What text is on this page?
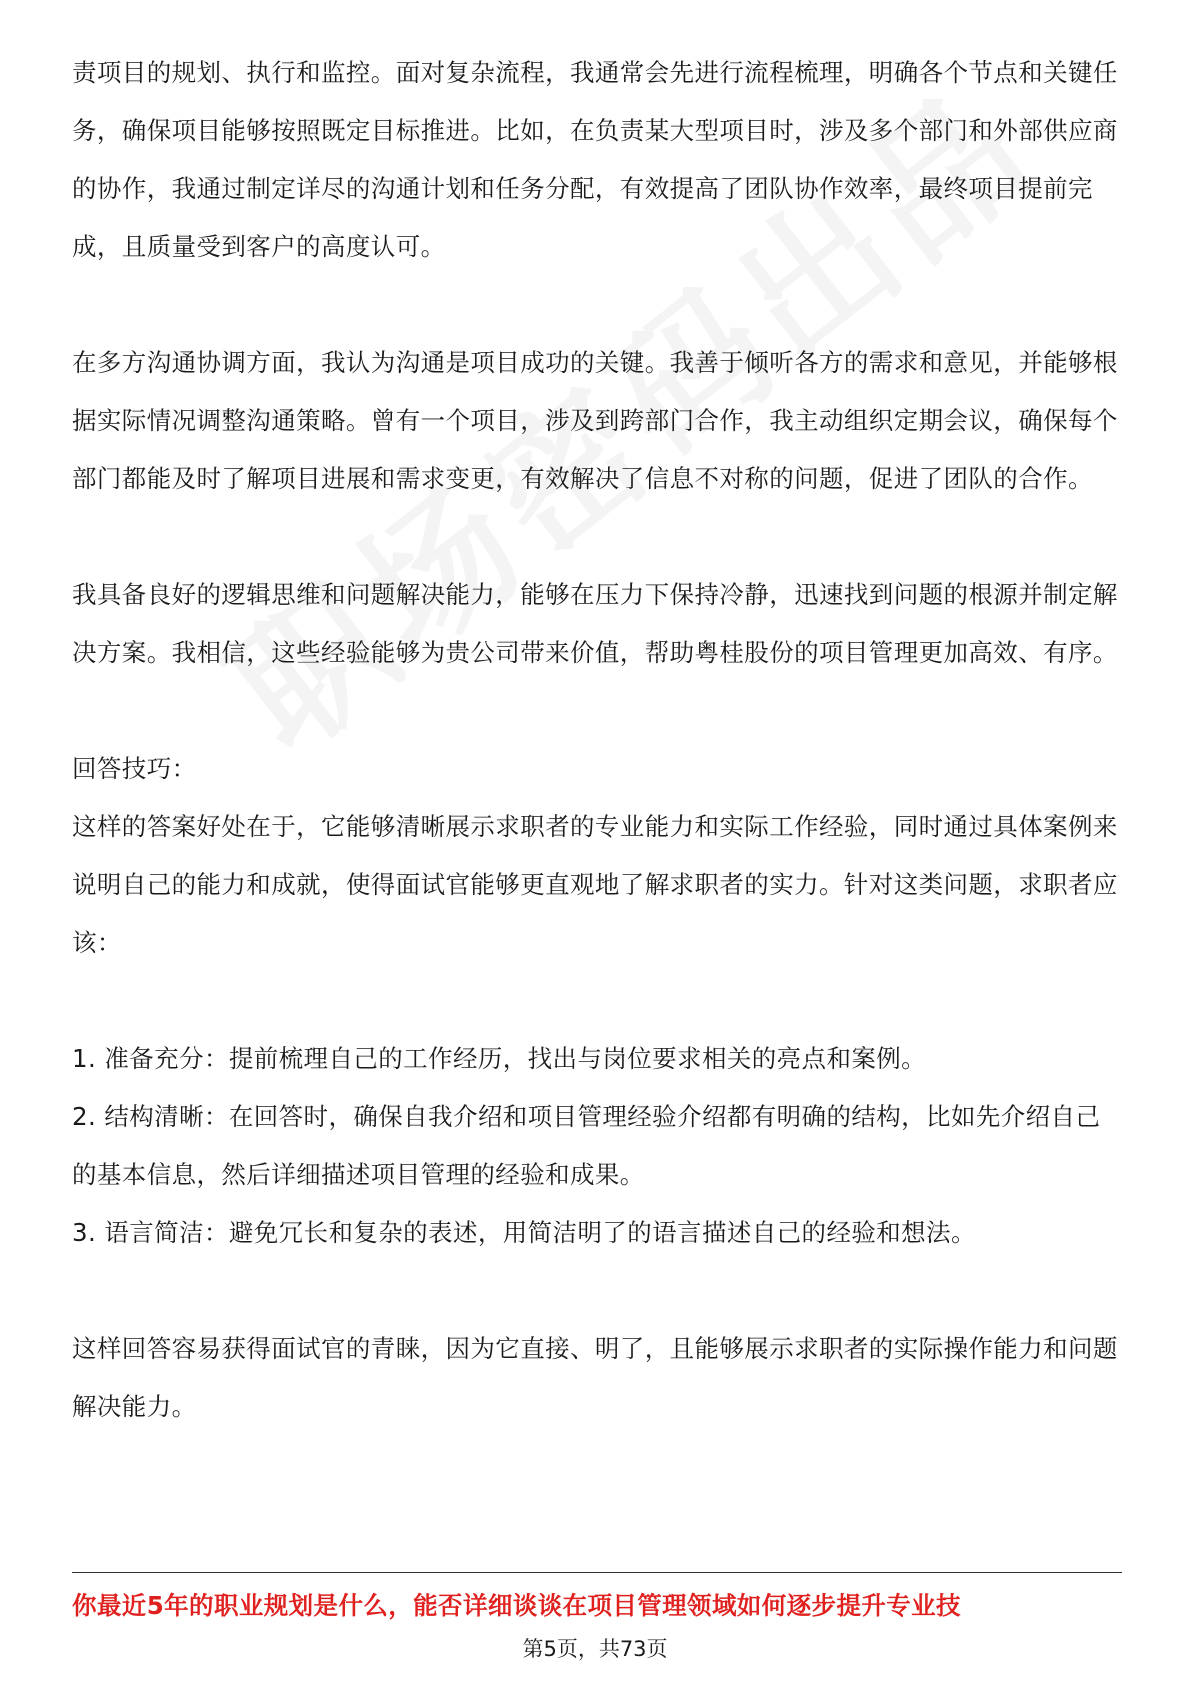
责项目的规划、执行和监控。面对复杂流程，我通常会先进行流程梳理，明确各个节点和关键任务，确保项目能够按照既定目标推进。比如，在负责某大型项目时，涉及多个部门和外部供应商的协作，我通过制定详尽的沟通计划和任务分配，有效提高了团队协作效率，最终项目提前完成，且质量受到客户的高度认可。

在多方沟通协调方面，我认为沟通是项目成功的关键。我善于倾听各方的需求和意见，并能够根据实际情况调整沟通策略。曾有一个项目，涉及到跨部门合作，我主动组织定期会议，确保每个部门都能及时了解项目进展和需求变更，有效解决了信息不对称的问题，促进了团队的合作。

我具备良好的逻辑思维和问题解决能力，能够在压力下保持冷静，迅速找到问题的根源并制定解决方案。我相信，这些经验能够为贵公司带来价值，帮助粤桂股份的项目管理更加高效、有序。

回答技巧：

这样的答案好处在于，它能够清晰展示求职者的专业能力和实际工作经验，同时通过具体案例来说明自己的能力和成就，使得面试官能够更直观地了解求职者的实力。针对这类问题，求职者应该：

1. 准备充分：提前梳理自己的工作经历，找出与岗位要求相关的亮点和案例。

2. 结构清晰：在回答时，确保自我介绍和项目管理经验介绍都有明确的结构，比如先介绍自己的基本信息，然后详细描述项目管理的经验和成果。

3. 语言简洁：避免冗长和复杂的表述，用简洁明了的语言描述自己的经验和想法。

这样回答容易获得面试官的青睐，因为它直接、明了，且能够展示求职者的实际操作能力和问题解决能力。

你最近5年的职业规划是什么，能否详细谈谈在项目管理领域如何逐步提升专业技
第5页，共73页
